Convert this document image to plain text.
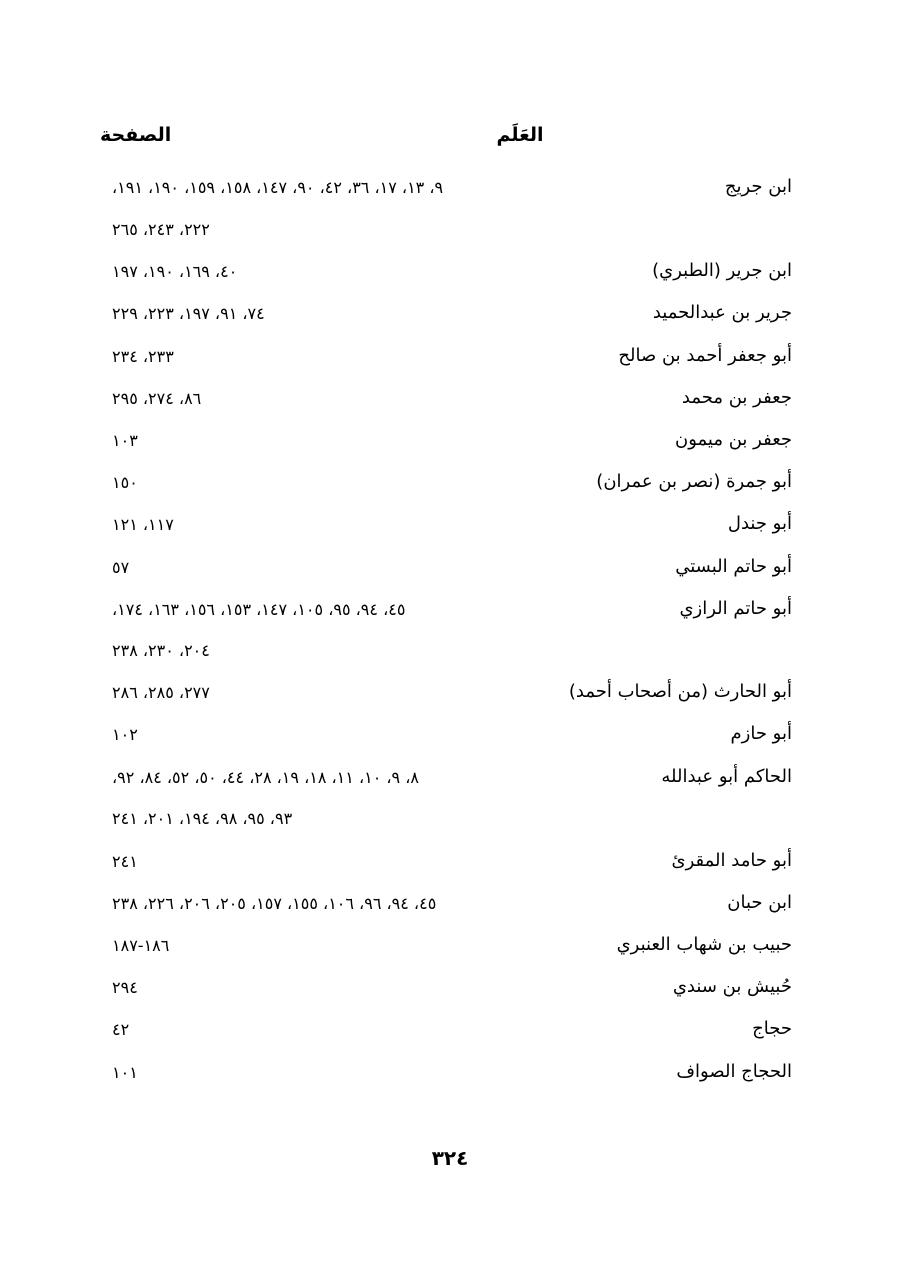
العَلَم
الصفحة
ابن جريج
٩، ١٣، ١٧، ٣٦، ٤٢، ٩٠، ١٤٧، ١٥٨، ١٥٩، ١٩٠، ١٩١،
٢٢٢، ٢٤٣، ٢٦٥
ابن جرير (الطبري)
٤٠، ١٦٩، ١٩٠، ١٩٧
جرير بن عبدالحميد
٧٤، ٩١، ١٩٧، ٢٢٣، ٢٢٩
أبو جعفر أحمد بن صالح
٢٣٣، ٢٣٤
جعفر بن محمد
٨٦، ٢٧٤، ٢٩٥
جعفر بن ميمون
١٠٣
أبو جمرة (نصر بن عمران)
١٥٠
أبو جندل
١١٧، ١٢١
أبو حاتم البستي
٥٧
أبو حاتم الرازي
٤٥، ٩٤، ٩٥، ١٠٥، ١٤٧، ١٥٣، ١٥٦، ١٦٣، ١٧٤،
٢٠٤، ٢٣٠، ٢٣٨
أبو الحارث (من أصحاب أحمد)
٢٧٧، ٢٨٥، ٢٨٦
أبو حازم
١٠٢
الحاكم أبو عبدالله
٨، ٩، ١٠، ١١، ١٨، ١٩، ٢٨، ٤٤، ٥٠، ٥٢، ٨٤، ٩٢،
٩٣، ٩٥، ٩٨، ١٩٤، ٢٠١، ٢٤١
أبو حامد المقرئ
٢٤١
ابن حبان
٤٥، ٩٤، ٩٦، ١٠٦، ١٥٥، ١٥٧، ٢٠٥، ٢٠٦، ٢٢٦، ٢٣٨
حبيب بن شهاب العنبري
١٨٦-١٨٧
حُبيش بن سندي
٢٩٤
حجاج
٤٢
الحجاج الصواف
١٠١
٣٢٤
